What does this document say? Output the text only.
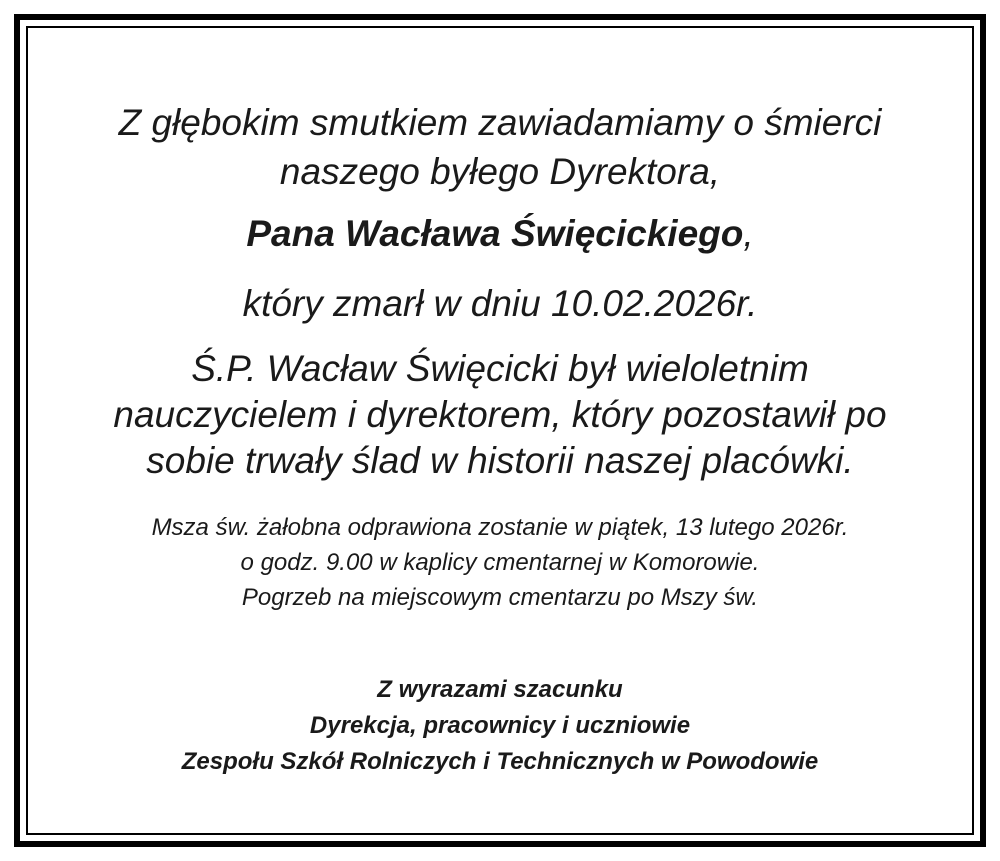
Z głębokim smutkiem zawiadamiamy o śmierci
naszego byłego Dyrektora,
Pana Wacława Święcickiego,
który zmarł w dniu 10.02.2026r.
Ś.P. Wacław Święcicki był wieloletnim
nauczycielem i dyrektorem, który pozostawił po
sobie trwały ślad w historii naszej placówki.
Msza św. żałobna odprawiona zostanie w piątek, 13 lutego 2026r.
o godz. 9.00 w kaplicy cmentarnej w Komorowie.
Pogrzeb na miejscowym cmentarzu po Mszy św.
Z wyrazami szacunku
Dyrekcja, pracownicy i uczniowie
Zespołu Szkół Rolniczych i Technicznych w Powodowie
